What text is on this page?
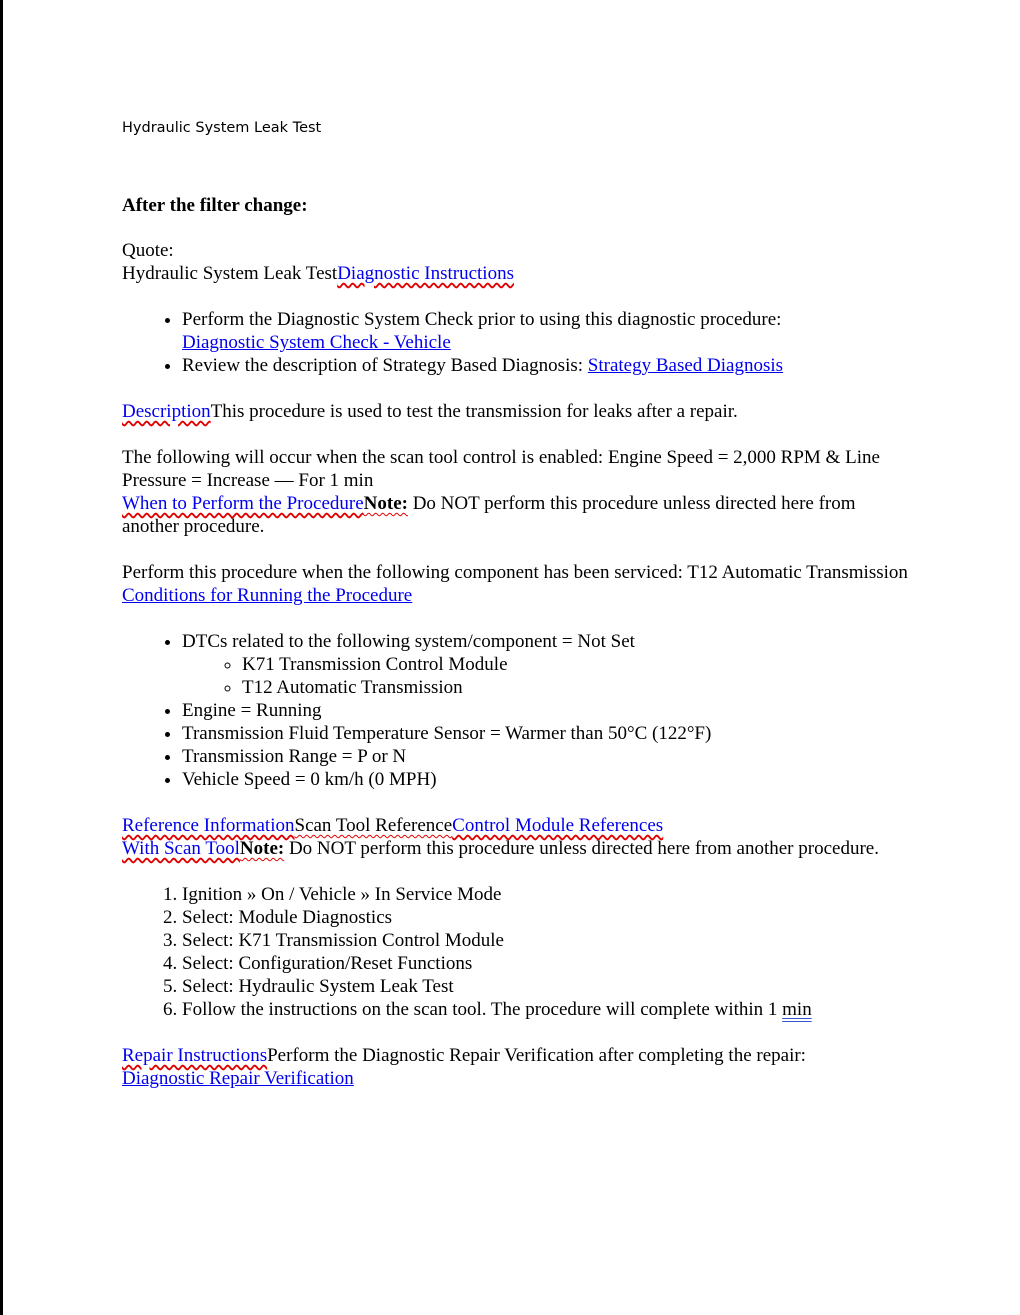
Hydraulic System Leak Test

After the filter change:

Quote:
Hydraulic System Leak TestDiagnostic Instructions

• Perform the Diagnostic System Check prior to using this diagnostic procedure:
Diagnostic System Check - Vehicle
• Review the description of Strategy Based Diagnosis: Strategy Based Diagnosis

DescriptionThis procedure is used to test the transmission for leaks after a repair.

The following will occur when the scan tool control is enabled: Engine Speed = 2,000 RPM & Line Pressure = Increase — For 1 min
When to Perform the ProcedureNote: Do NOT perform this procedure unless directed here from another procedure.

Perform this procedure when the following component has been serviced: T12 Automatic Transmission
Conditions for Running the Procedure

• DTCs related to the following system/component = Not Set
◦ K71 Transmission Control Module
◦ T12 Automatic Transmission
• Engine = Running
• Transmission Fluid Temperature Sensor = Warmer than 50°C (122°F)
• Transmission Range = P or N
• Vehicle Speed = 0 km/h (0 MPH)

Reference InformationScan Tool ReferenceControl Module References
With Scan ToolNote: Do NOT perform this procedure unless directed here from another procedure.

1. Ignition » On / Vehicle » In Service Mode
2. Select: Module Diagnostics
3. Select: K71 Transmission Control Module
4. Select: Configuration/Reset Functions
5. Select: Hydraulic System Leak Test
6. Follow the instructions on the scan tool. The procedure will complete within 1 min

Repair InstructionsPerform the Diagnostic Repair Verification after completing the repair:
Diagnostic Repair Verification
